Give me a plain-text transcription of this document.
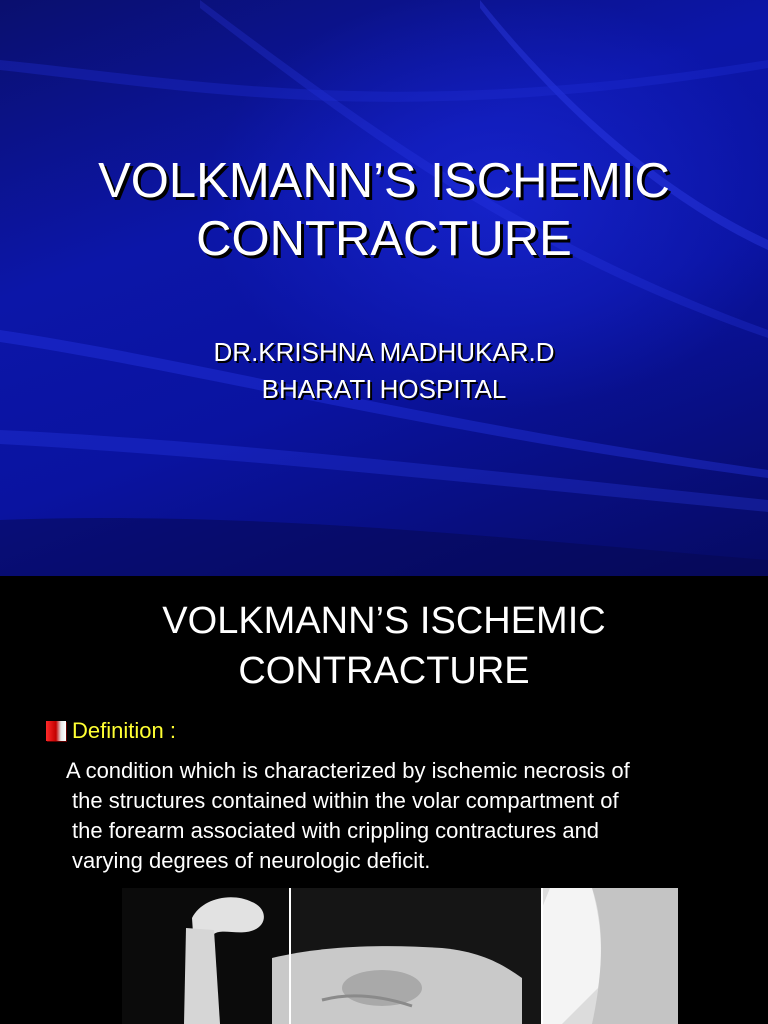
VOLKMANN’S ISCHEMIC
CONTRACTURE
DR.KRISHNA MADHUKAR.D
BHARATI HOSPITAL
VOLKMANN’S ISCHEMIC
CONTRACTURE
Definition :
A condition which is characterized by ischemic necrosis of
the structures contained within the volar compartment of
the forearm associated with crippling contractures and
varying degrees of neurologic deficit.
